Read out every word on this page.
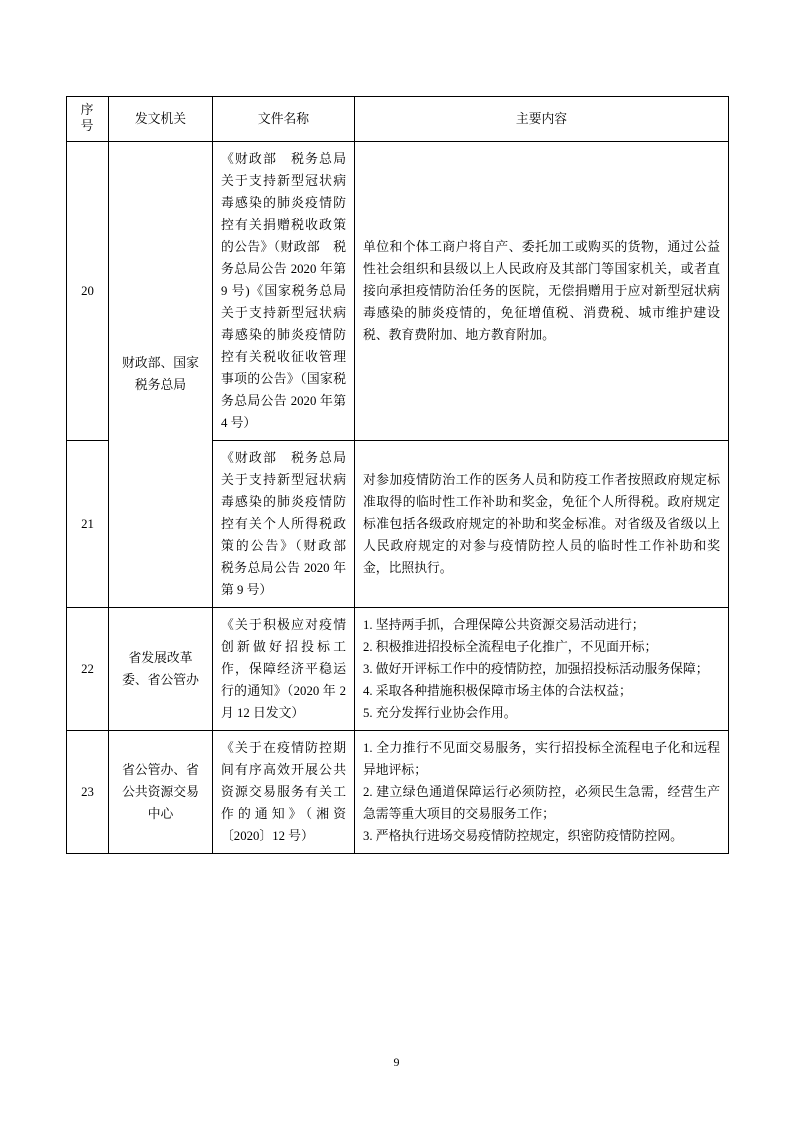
序号	发文机关	文件名称	主要内容
20	财政部、国家税务总局	《财政部　税务总局关于支持新型冠状病毒感染的肺炎疫情防控有关捐赠税收政策的公告》（财政部　税务总局公告 2020 年第 9 号)《国家税务总局关于支持新型冠状病毒感染的肺炎疫情防控有关税收征收管理事项的公告》（国家税务总局公告 2020 年第 4 号）	单位和个体工商户将自产、委托加工或购买的货物，通过公益性社会组织和县级以上人民政府及其部门等国家机关，或者直接向承担疫情防治任务的医院，无偿捐赠用于应对新型冠状病毒感染的肺炎疫情的，免征增值税、消费税、城市维护建设税、教育费附加、地方教育附加。
21		《财政部　税务总局关于支持新型冠状病毒感染的肺炎疫情防控有关个人所得税政策的公告》（财政部　税务总局公告 2020 年第 9 号）	对参加疫情防治工作的医务人员和防疫工作者按照政府规定标准取得的临时性工作补助和奖金，免征个人所得税。政府规定标准包括各级政府规定的补助和奖金标准。对省级及省级以上人民政府规定的对参与疫情防控人员的临时性工作补助和奖金，比照执行。
22	省发展改革委、省公管办	《关于积极应对疫情创新做好招投标工作，保障经济平稳运行的通知》（2020 年 2 月 12 日发文）	1. 坚持两手抓，合理保障公共资源交易活动进行；
2. 积极推进招投标全流程电子化推广，不见面开标；
3. 做好开评标工作中的疫情防控，加强招投标活动服务保障；
4. 采取各种措施积极保障市场主体的合法权益；
5. 充分发挥行业协会作用。

23	省公管办、省公共资源交易中心	《关于在疫情防控期间有序高效开展公共资源交易服务有关工作的通知》（湘资〔2020〕12 号）	1. 全力推行不见面交易服务，实行招投标全流程电子化和远程异地评标；
2. 建立绿色通道保障运行必须防控，必须民生急需，经营生产急需等重大项目的交易服务工作；
3. 严格执行进场交易疫情防控规定，织密防疫情防控网。
9
